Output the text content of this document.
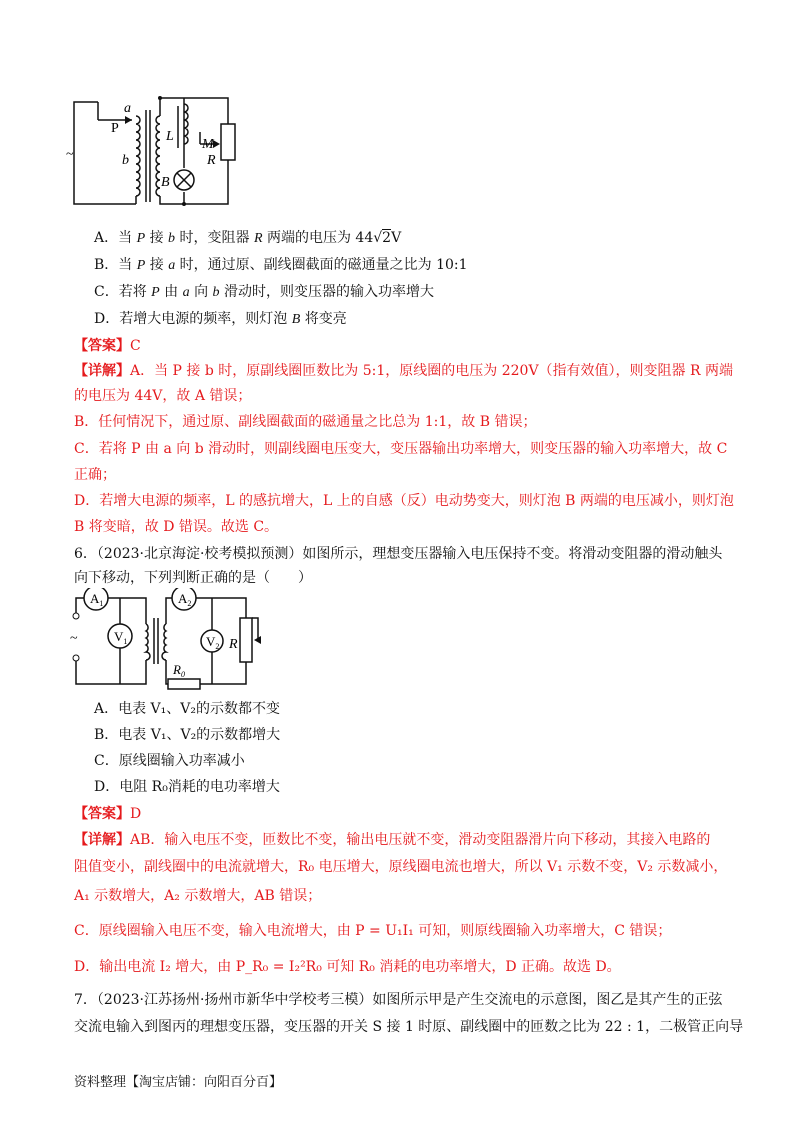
~
a
P
b
L
M
R
B
A．当 P 接 b 时，变阻器 R 两端的电压为 44√2V
B．当 P 接 a 时，通过原、副线圈截面的磁通量之比为 10:1
C．若将 P 由 a 向 b 滑动时，则变压器的输入功率增大
D．若增大电源的频率，则灯泡 B 将变亮
【答案】C
【详解】A．当 P 接 b 时，原副线圈匝数比为 5:1，原线圈的电压为 220V（指有效值），则变阻器 R 两端
的电压为 44V，故 A 错误；
B．任何情况下，通过原、副线圈截面的磁通量之比总为 1:1，故 B 错误；
C．若将 P 由 a 向 b 滑动时，则副线圈电压变大，变压器输出功率增大，则变压器的输入功率增大，故 C
正确；
D．若增大电源的频率，L 的感抗增大，L 上的自感（反）电动势变大，则灯泡 B 两端的电压减小，则灯泡
B 将变暗，故 D 错误。故选 C。
6．（2023·北京海淀·校考模拟预测）如图所示，理想变压器输入电压保持不变。将滑动变阻器的滑动触头
向下移动，下列判断正确的是（　　）
~
$A_1$
$V_1$
$A_2$
$V_2$ R
$R_0$
A．电表 V₁、V₂的示数都不变
B．电表 V₁、V₂的示数都增大
C．原线圈输入功率减小
D．电阻 R₀消耗的电功率增大
【答案】D
【详解】AB．输入电压不变，匝数比不变，输出电压就不变，滑动变阻器滑片向下移动，其接入电路的
阻值变小，副线圈中的电流就增大，R₀ 电压增大，原线圈电流也增大，所以 V₁ 示数不变，V₂ 示数减小，
A₁ 示数增大，A₂ 示数增大，AB 错误；
C．原线圈输入电压不变，输入电流增大，由 P = U₁I₁ 可知，则原线圈输入功率增大，C 错误；
D．输出电流 I₂ 增大，由 P_R₀ = I₂²R₀ 可知 R₀ 消耗的电功率增大，D 正确。故选 D。
7．（2023·江苏扬州·扬州市新华中学校考三模）如图所示甲是产生交流电的示意图，图乙是其产生的正弦
交流电输入到图丙的理想变压器，变压器的开关 S 接 1 时原、副线圈中的匝数之比为 22 : 1，二极管正向导
资料整理【淘宝店铺：向阳百分百】
